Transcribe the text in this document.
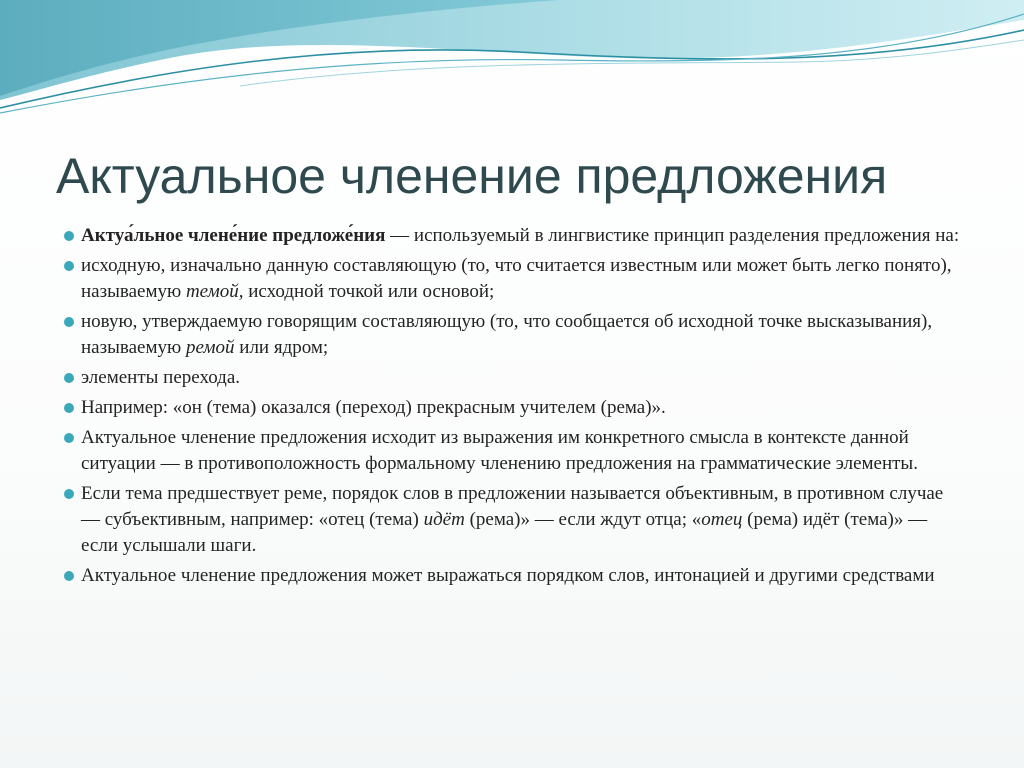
Актуальное членение предложения
Актуа́льное члене́ние предложе́ния — используемый в лингвистике принцип разделения предложения на:
исходную, изначально данную составляющую (то, что считается известным или может быть легко понято), называемую темой, исходной точкой или основой;
новую, утверждаемую говорящим составляющую (то, что сообщается об исходной точке высказывания), называемую ремой или ядром;
элементы перехода.
Например: «он (тема) оказался (переход) прекрасным учителем (рема)».
Актуальное членение предложения исходит из выражения им конкретного смысла в контексте данной ситуации — в противоположность формальному членению предложения на грамматические элементы.
Если тема предшествует реме, порядок слов в предложении называется объективным, в противном случае — субъективным, например: «отец (тема) идёт (рема)» — если ждут отца; «отец (рема) идёт (тема)» — если услышали шаги.
Актуальное членение предложения может выражаться порядком слов, интонацией и другими средствами
